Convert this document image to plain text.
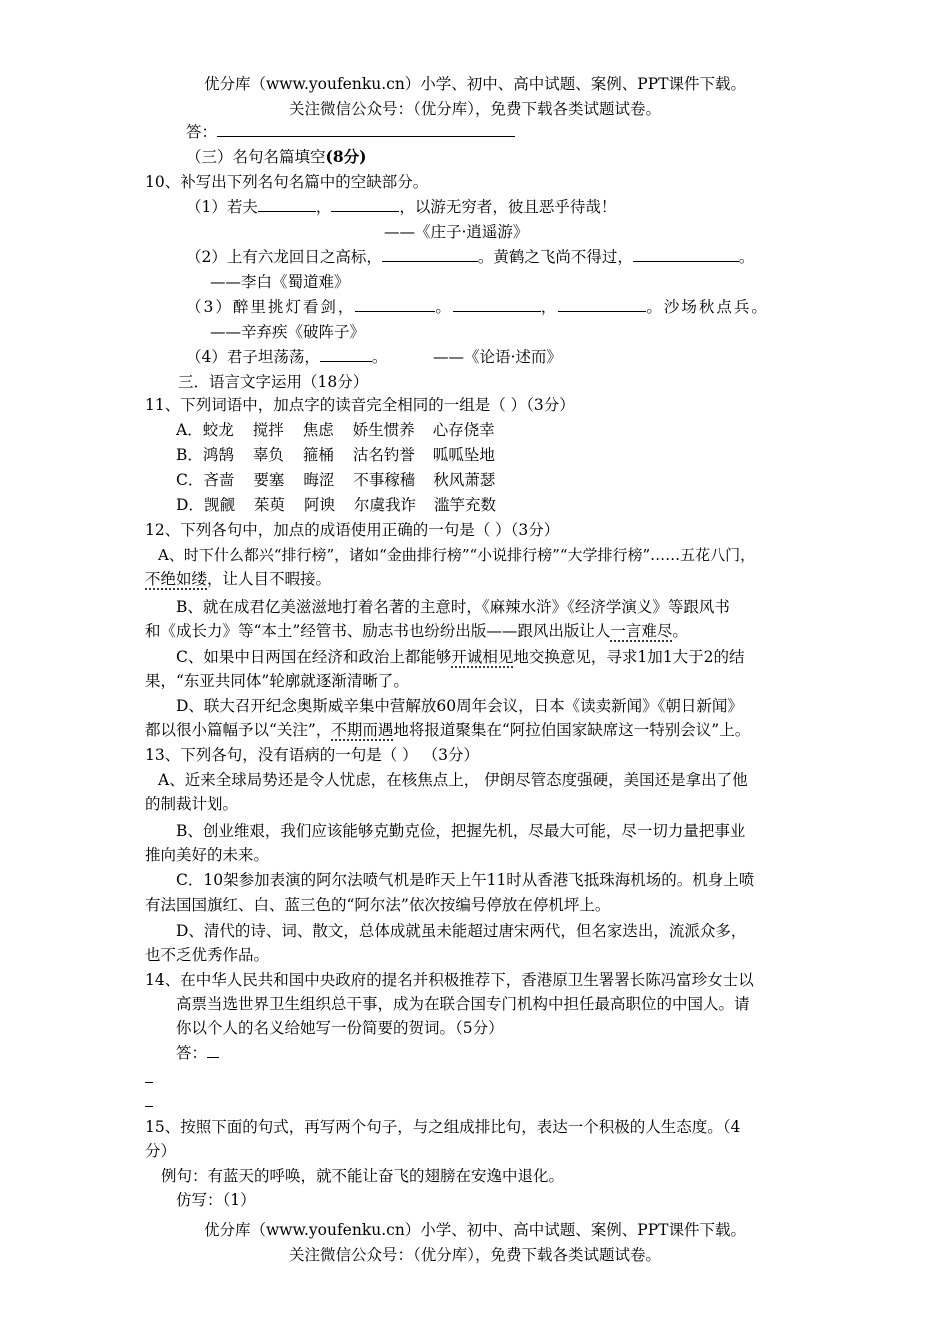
优分库（www.youfenku.cn）小学、初中、高中试题、案例、PPT课件下载。
关注微信公众号：（优分库），免费下载各类试题试卷。
答：
（三）名句名篇填空(8分)
10、补写出下列名句名篇中的空缺部分。
（1）若夫	，	，以游无穷者，彼且恶乎待哉！
——《庄子·逍遥游》
（2）上有六龙回日之高标，	。黄鹤之飞尚不得过，	。
——李白《蜀道难》
（3）醉里挑灯看剑，	。	，	。沙场秋点兵。
——辛弃疾《破阵子》
（4）君子坦荡荡，	。	——《论语·述而》
三．语言文字运用（18分）
11、下列词语中，加点字的读音完全相同的一组是（ ）（3分）
A．蛟龙 搅拌 焦虑 娇生惯养 心存侥幸
B．鸿鹄 辜负 箍桶 沽名钓誉 呱呱坠地
C．吝啬 要塞 晦涩 不事稼穑 秋风萧瑟
D．觊觎 茱萸 阿谀 尔虞我诈 滥竽充数
12、下列各句中，加点的成语使用正确的一句是（ ）（3分）
A、时下什么都兴“排行榜”，诸如“金曲排行榜”“小说排行榜”“大学排行榜”……五花八门，
不绝如缕，让人目不暇接。
B、就在成君亿美滋滋地打着名著的主意时，《麻辣水浒》《经济学演义》等跟风书
和《成长力》等“本土”经管书、励志书也纷纷出版——跟风出版让人一言难尽。
C、如果中日两国在经济和政治上都能够开诚相见地交换意见，寻求1加1大于2的结
果，“东亚共同体”轮廓就逐渐清晰了。
D、联大召开纪念奥斯威辛集中营解放60周年会议，日本《读卖新闻》《朝日新闻》
都以很小篇幅予以“关注”，不期而遇地将报道聚集在“阿拉伯国家缺席这一特别会议”上。
13、下列各句，没有语病的一句是（ ） （3分）
A、近来全球局势还是令人忧虑，在核焦点上， 伊朗尽管态度强硬，美国还是拿出了他
的制裁计划。
B、创业维艰，我们应该能够克勤克俭，把握先机，尽最大可能，尽一切力量把事业
推向美好的未来。
C．10架参加表演的阿尔法喷气机是昨天上午11时从香港飞抵珠海机场的。机身上喷
有法国国旗红、白、蓝三色的“阿尔法”依次按编号停放在停机坪上。
D、清代的诗、词、散文，总体成就虽未能超过唐宋两代，但名家迭出，流派众多，
也不乏优秀作品。
14、在中华人民共和国中央政府的提名并积极推荐下，香港原卫生署署长陈冯富珍女士以
高票当选世界卫生组织总干事，成为在联合国专门机构中担任最高职位的中国人。请
你以个人的名义给她写一份简要的贺词。（5分）
答：
15、按照下面的句式，再写两个句子，与之组成排比句，表达一个积极的人生态度。（4
分）
例句：有蓝天的呼唤，就不能让奋飞的翅膀在安逸中退化。
仿写：（1）
优分库（www.youfenku.cn）小学、初中、高中试题、案例、PPT课件下载。
关注微信公众号：（优分库），免费下载各类试题试卷。
